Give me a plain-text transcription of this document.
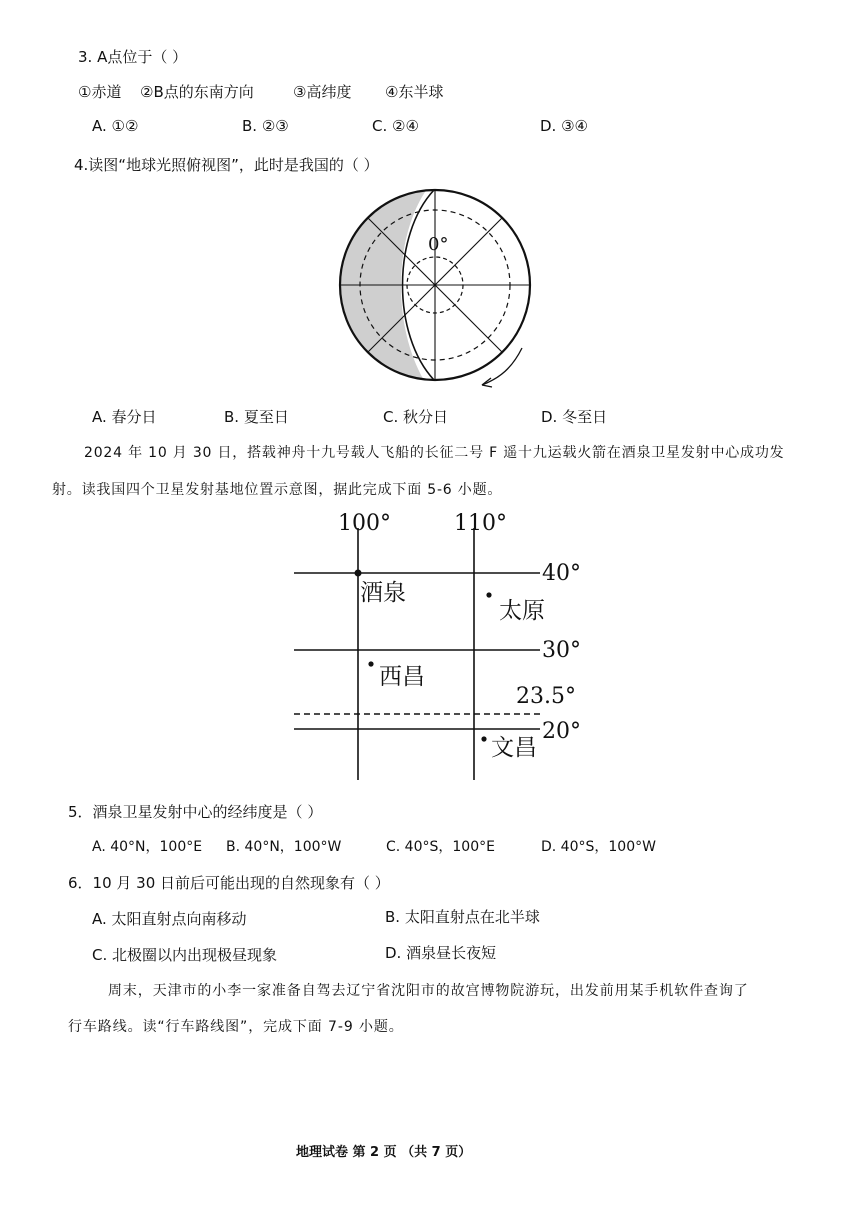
3. A点位于（ ）
①赤道 ②B点的东南方向	③高纬度 ④东半球
A. ①②	B. ②③	C. ②④	D. ③④
4.读图“地球光照俯视图”，此时是我国的（ ）
0°
A. 春分日	B. 夏至日	C. 秋分日	D. 冬至日
2024 年 10 月 30 日，搭载神舟十九号载人飞船的长征二号 F 遥十九运载火箭在酒泉卫星发射中心成功发
射。读我国四个卫星发射基地位置示意图，据此完成下面 5-6 小题。
100°	110°
40°
30°
23.5°
20°
酒泉
太原
西昌
文昌
5．酒泉卫星发射中心的经纬度是（ ）
A. 40°N，100°E B. 40°N，100°W	C. 40°S，100°E	D. 40°S，100°W
6．10 月 30 日前后可能出现的自然现象有（ ）
A. 太阳直射点向南移动	B. 太阳直射点在北半球
C. 北极圈以内出现极昼现象	D. 酒泉昼长夜短
周末，天津市的小李一家准备自驾去辽宁省沈阳市的故宫博物院游玩，出发前用某手机软件查询了
行车路线。读“行车路线图”，完成下面 7-9 小题。
地理试卷 第 2 页 （共 7 页）
